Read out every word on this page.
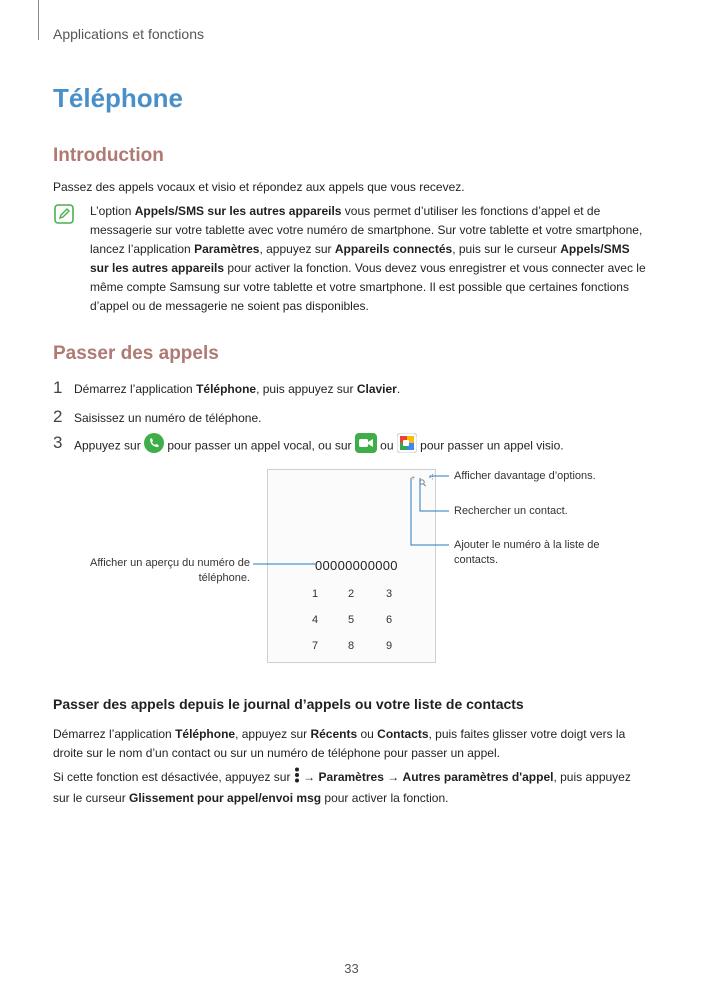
Applications et fonctions
Téléphone
Introduction
Passez des appels vocaux et visio et répondez aux appels que vous recevez.
L’option Appels/SMS sur les autres appareils vous permet d’utiliser les fonctions d’appel et de messagerie sur votre tablette avec votre numéro de smartphone. Sur votre tablette et votre smartphone, lancez l’application Paramètres, appuyez sur Appareils connectés, puis sur le curseur Appels/SMS sur les autres appareils pour activer la fonction. Vous devez vous enregistrer et vous connecter avec le même compte Samsung sur votre tablette et votre smartphone. Il est possible que certaines fonctions d’appel ou de messagerie ne soient pas disponibles.
Passer des appels
1 Démarrez l’application Téléphone, puis appuyez sur Clavier.
2 Saisissez un numéro de téléphone.
3 Appuyez sur  pour passer un appel vocal, ou sur  ou  pour passer un appel visio.
+ ⋮
00000000000
1	2	3
4	5	6
7	8	9
Afficher davantage d’options.
Rechercher un contact.
Ajouter le numéro à la liste de contacts.
Afficher un aperçu du numéro de téléphone.
Passer des appels depuis le journal d’appels ou votre liste de contacts
Démarrez l’application Téléphone, appuyez sur Récents ou Contacts, puis faites glisser votre doigt vers la droite sur le nom d’un contact ou sur un numéro de téléphone pour passer un appel.
Si cette fonction est désactivée, appuyez sur  → Paramètres → Autres paramètres d'appel, puis appuyez sur le curseur Glissement pour appel/envoi msg pour activer la fonction.
33
